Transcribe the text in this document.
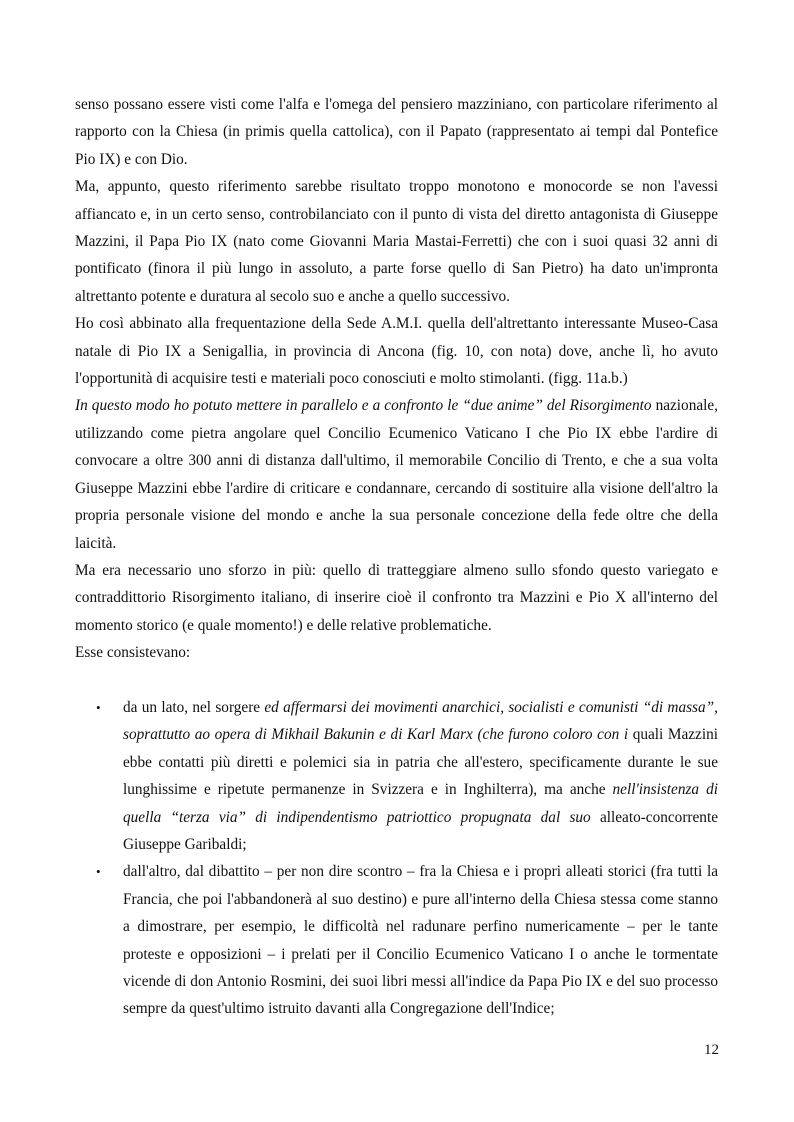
senso possano essere visti come l'alfa e l'omega del pensiero mazziniano, con particolare riferimento al rapporto con la Chiesa (in primis quella cattolica), con il Papato (rappresentato ai tempi dal Pontefice Pio IX) e con Dio.

Ma, appunto, questo riferimento sarebbe risultato troppo monotono e monocorde se non l'avessi affiancato e, in un certo senso, controbilanciato con il punto di vista del diretto antagonista di Giuseppe Mazzini, il Papa Pio IX (nato come Giovanni Maria Mastai-Ferretti) che con i suoi quasi 32 anni di pontificato (finora il più lungo in assoluto, a parte forse quello di San Pietro) ha dato un'impronta altrettanto potente e duratura al secolo suo e anche a quello successivo.

Ho così abbinato alla frequentazione della Sede A.M.I. quella dell'altrettanto interessante Museo-Casa natale di Pio IX a Senigallia, in provincia di Ancona (fig. 10, con nota) dove, anche lì, ho avuto l'opportunità di acquisire testi e materiali poco conosciuti e molto stimolanti. (figg. 11a.b.)

In questo modo ho potuto mettere in parallelo e a confronto le “due anime” del Risorgimento nazionale, utilizzando come pietra angolare quel Concilio Ecumenico Vaticano I che Pio IX ebbe l'ardire di convocare a oltre 300 anni di distanza dall'ultimo, il memorabile Concilio di Trento, e che a sua volta Giuseppe Mazzini ebbe l'ardire di criticare e condannare, cercando di sostituire alla visione dell'altro la propria personale visione del mondo e anche la sua personale concezione della fede oltre che della laicità.

Ma era necessario uno sforzo in più: quello di tratteggiare almeno sullo sfondo questo variegato e contraddittorio Risorgimento italiano, di inserire cioè il confronto tra Mazzini e Pio X all'interno del momento storico (e quale momento!) e delle relative problematiche.

Esse consistevano:

• da un lato, nel sorgere ed affermarsi dei movimenti anarchici, socialisti e comunisti “di massa”, soprattutto ao opera di Mikhail Bakunin e di Karl Marx (che furono coloro con i quali Mazzini ebbe contatti più diretti e polemici sia in patria che all'estero, specificamente durante le sue lunghissime e ripetute permanenze in Svizzera e in Inghilterra), ma anche nell'insistenza di quella “terza via” di indipendentismo patriottico propugnata dal suo alleato-concorrente Giuseppe Garibaldi;
• dall'altro, dal dibattito – per non dire scontro – fra la Chiesa e i propri alleati storici (fra tutti la Francia, che poi l'abbandonerà al suo destino) e pure all'interno della Chiesa stessa come stanno a dimostrare, per esempio, le difficoltà nel radunare perfino numericamente – per le tante proteste e opposizioni – i prelati per il Concilio Ecumenico Vaticano I o anche le tormentate vicende di don Antonio Rosmini, dei suoi libri messi all'indice da Papa Pio IX e del suo processo sempre da quest'ultimo istruito davanti alla Congregazione dell'Indice;
12
